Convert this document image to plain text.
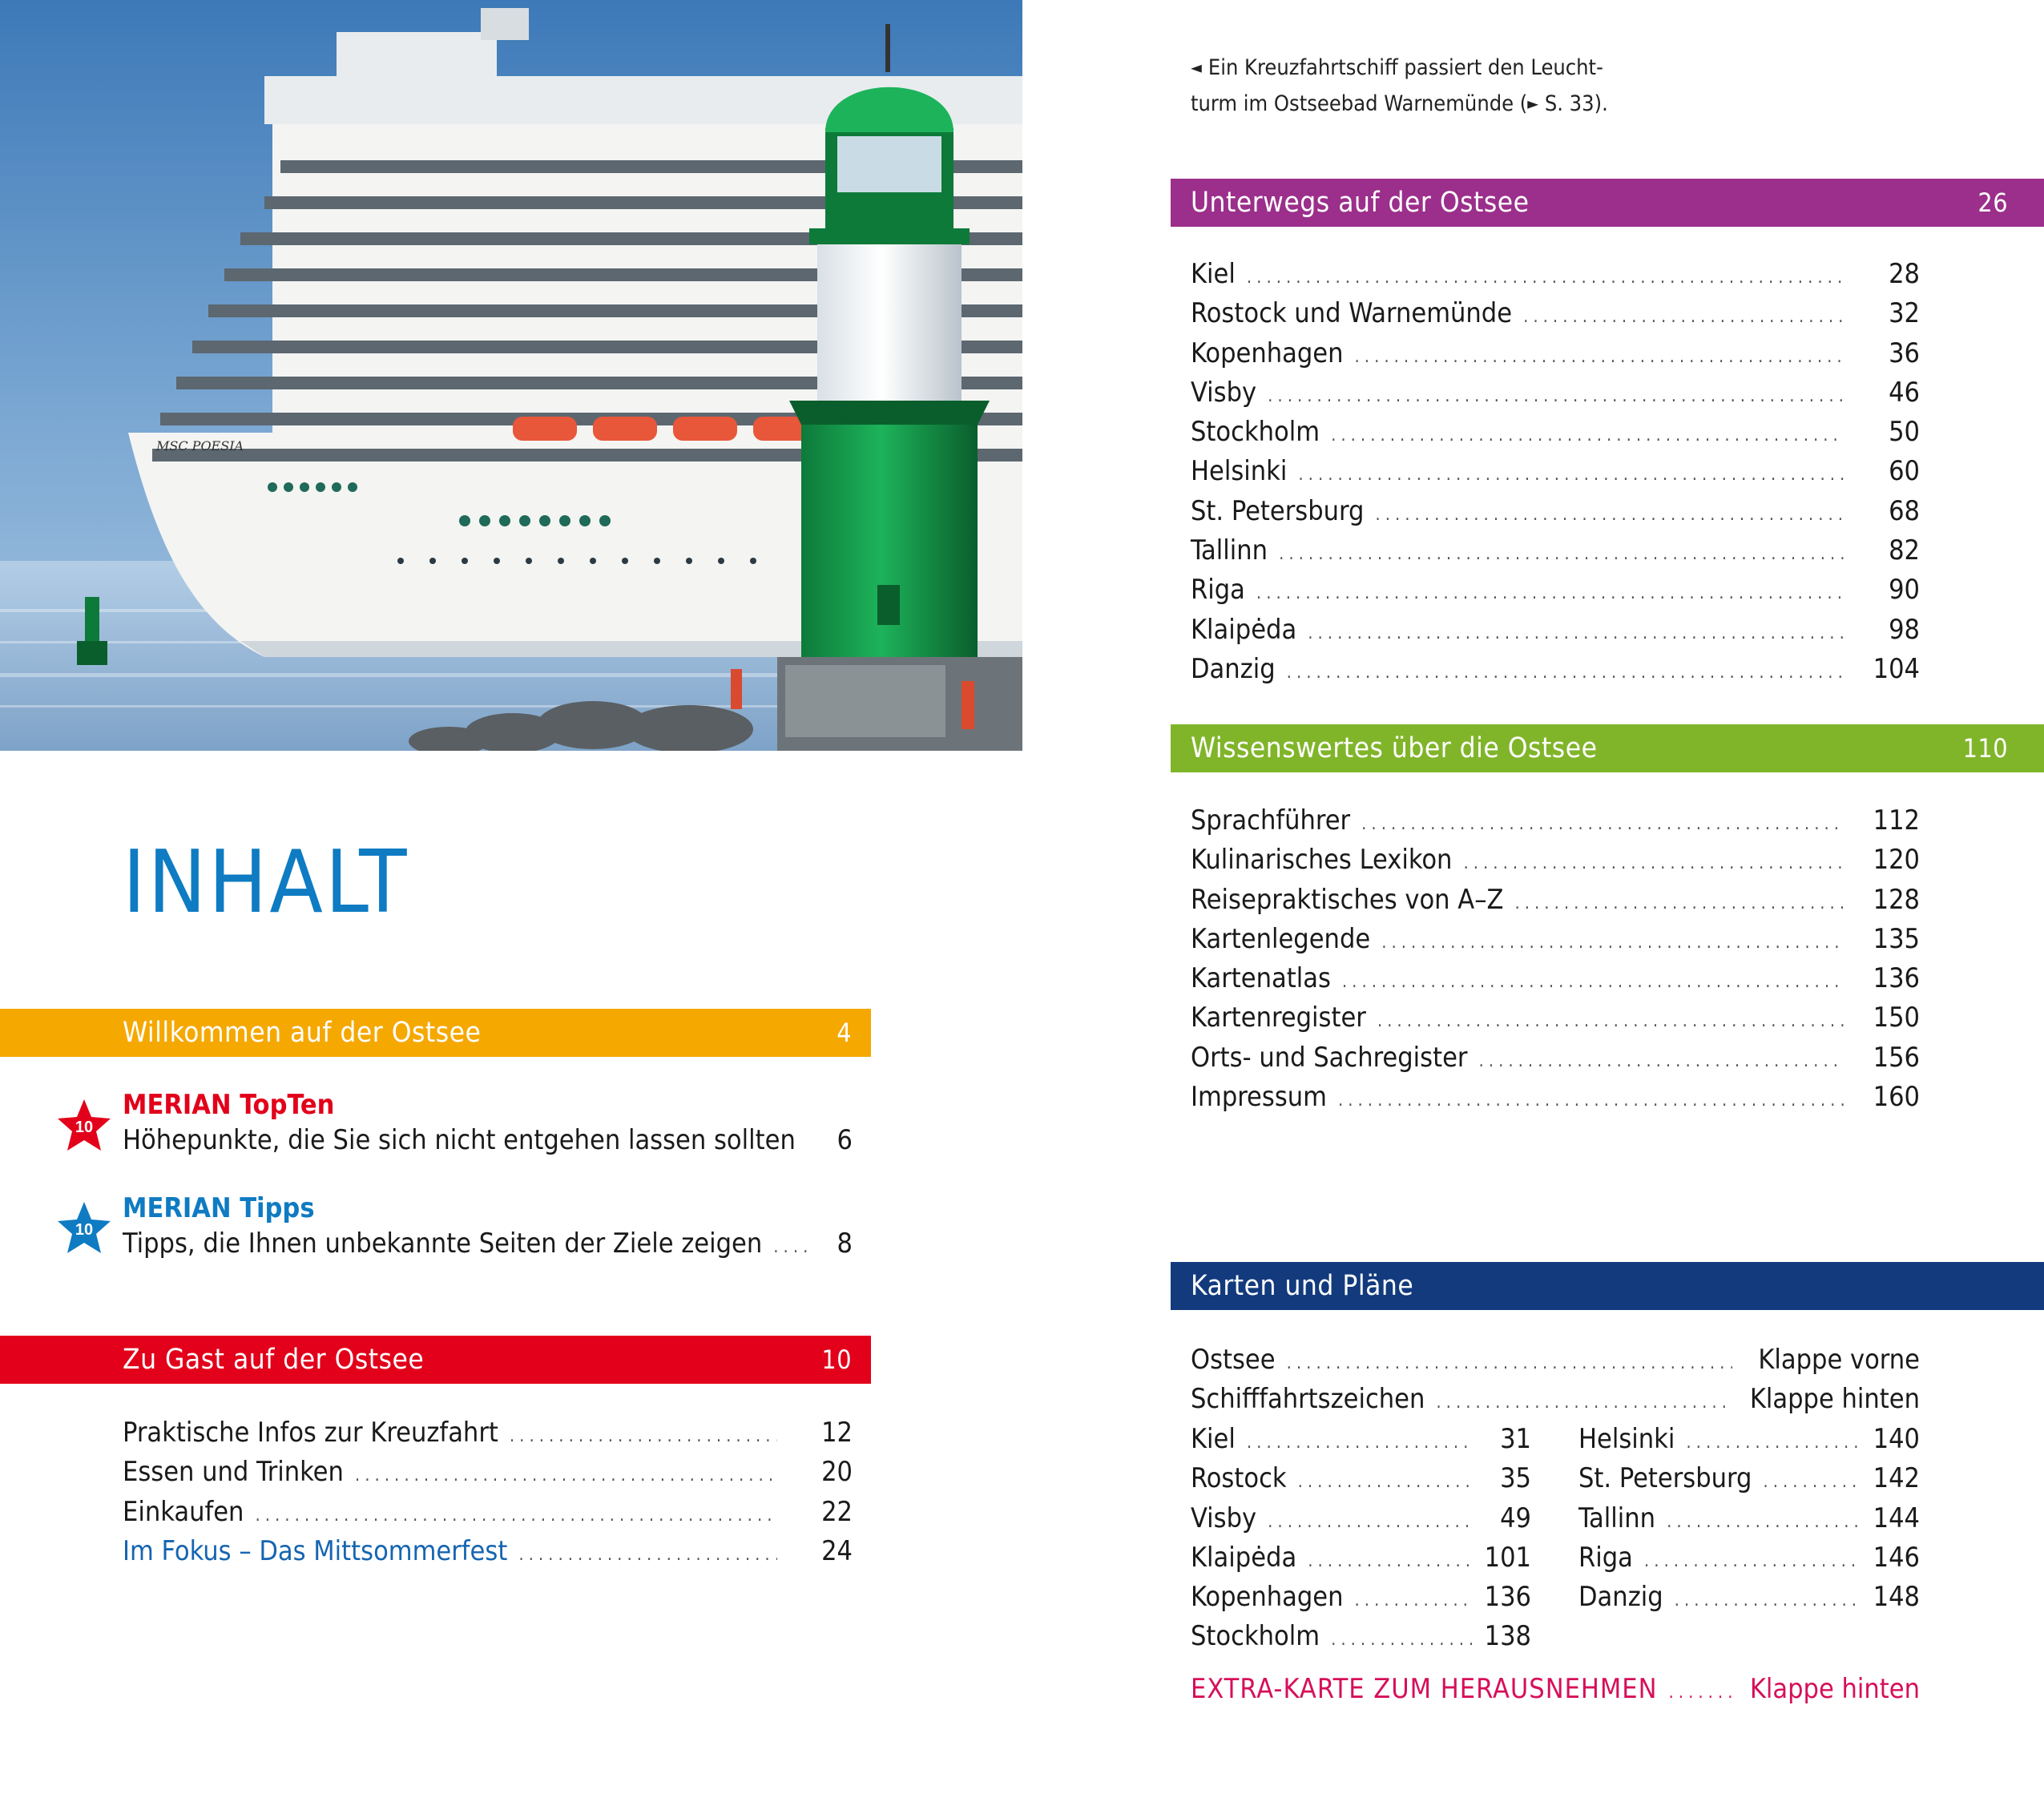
MSC POESIA
◄ Ein Kreuzfahrtschiff passiert den Leucht-
turm im Ostseebad Warnemünde (► S. 33).
INHALT
Willkommen auf der Ostsee	4
10
MERIAN TopTen
Höhepunkte, die Sie sich nicht entgehen lassen sollten	6
10
MERIAN Tipps
Tipps, die Ihnen unbekannte Seiten der Ziele zeigen .....	8
Zu Gast auf der Ostsee	10
Praktische Infos zur Kreuzfahrt .....	12
Essen und Trinken .....	20
Einkaufen .....	22
Im Fokus – Das Mittsommerfest .....	24
Unterwegs auf der Ostsee	26
Kiel .....	28
Rostock und Warnemünde .....	32
Kopenhagen .....	36
Visby .....	46
Stockholm .....	50
Helsinki .....	60
St. Petersburg .....	68
Tallinn .....	82
Riga .....	90
Klaipėda .....	98
Danzig .....	104
Wissenswertes über die Ostsee	110
Sprachführer .....	112
Kulinarisches Lexikon .....	120
Reisepraktisches von A–Z .....	128
Kartenlegende .....	135
Kartenatlas .....	136
Kartenregister .....	150
Orts- und Sachregister .....	156
Impressum .....	160
Karten und Pläne
Ostsee .....	Klappe vorne
Schifffahrtszeichen .....	Klappe hinten
Kiel .....	31
Rostock .....	35
Visby .....	49
Klaipėda .....	101
Kopenhagen .....	136
Stockholm .....	138
Helsinki .....	140
St. Petersburg .....	142
Tallinn .....	144
Riga .....	146
Danzig .....	148
EXTRA-KARTE ZUM HERAUSNEHMEN .....	Klappe hinten
